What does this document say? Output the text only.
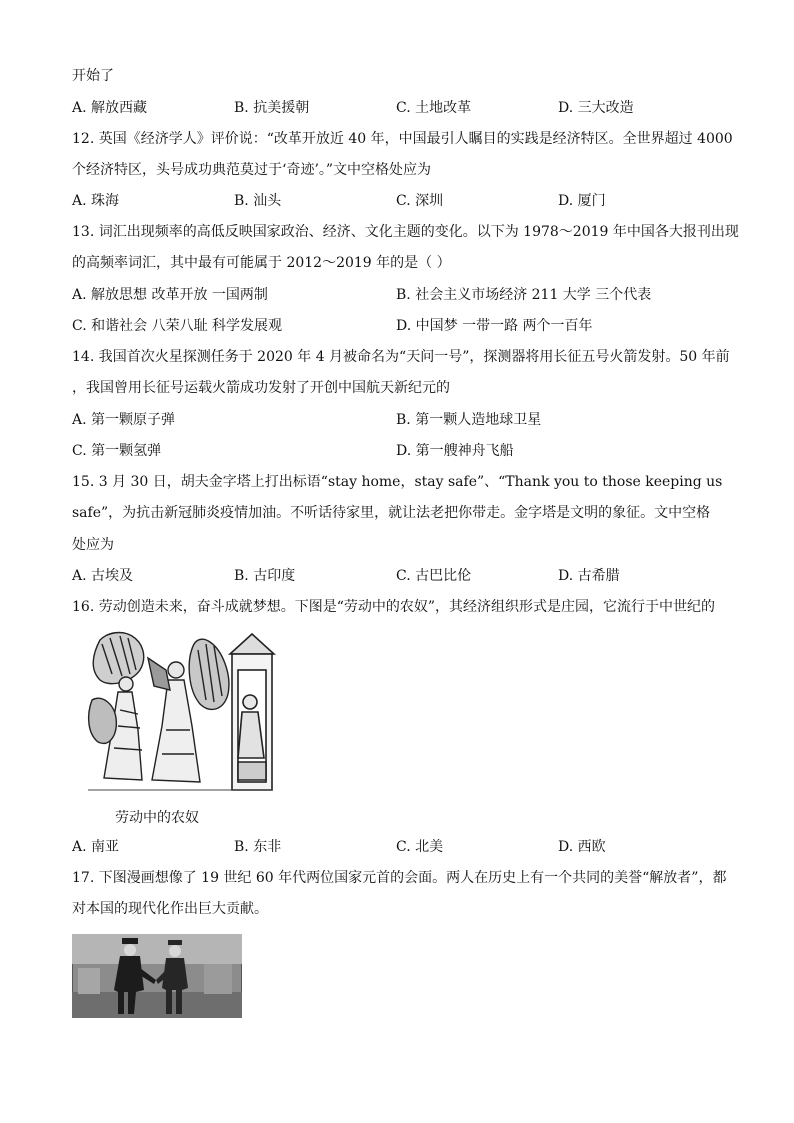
开始了
A. 解放西藏	B. 抗美援朝	C. 土地改革	D. 三大改造
12. 英国《经济学人》评价说：“改革开放近 40 年，中国最引人瞩目的实践是经济特区。全世界超过 4000
个经济特区，头号成功典范莫过于‘奇迹’。”文中空格处应为
A. 珠海	B. 汕头	C. 深圳	D. 厦门
13. 词汇出现频率的高低反映国家政治、经济、文化主题的变化。以下为 1978～2019 年中国各大报刊出现
的高频率词汇，其中最有可能属于 2012～2019 年的是（ ）
A. 解放思想 改革开放 一国两制	B. 社会主义市场经济 211 大学 三个代表
C. 和谐社会 八荣八耻 科学发展观	D. 中国梦 一带一路 两个一百年
14. 我国首次火星探测任务于 2020 年 4 月被命名为“天问一号”，探测器将用长征五号火箭发射。50 年前
，我国曾用长征号运载火箭成功发射了开创中国航天新纪元的
A. 第一颗原子弹	B. 第一颗人造地球卫星
C. 第一颗氢弹	D. 第一艘神舟飞船
15. 3 月 30 日，胡夫金字塔上打出标语“stay home，stay safe”、“Thank you to those keeping us
safe”，为抗击新冠肺炎疫情加油。不听话待家里，就让法老把你带走。金字塔是文明的象征。文中空格
处应为
A. 古埃及	B. 古印度	C. 古巴比伦	D. 古希腊
16. 劳动创造未来，奋斗成就梦想。下图是“劳动中的农奴”，其经济组织形式是庄园，它流行于中世纪的
劳动中的农奴
A. 南亚	B. 东非	C. 北美	D. 西欧
17. 下图漫画想像了 19 世纪 60 年代两位国家元首的会面。两人在历史上有一个共同的美誉“解放者”，都
对本国的现代化作出巨大贡献。
